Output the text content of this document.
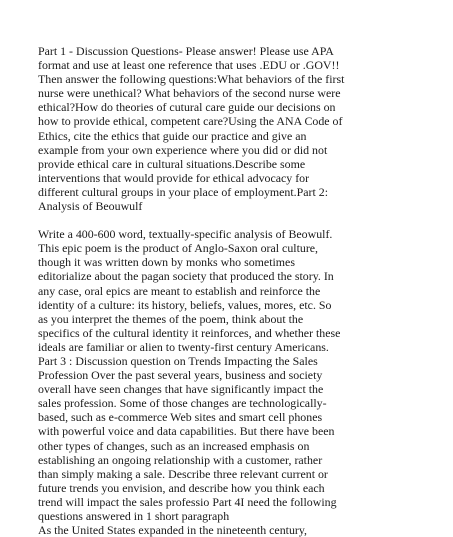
Part 1 - Discussion Questions- Please answer! Please use APA
format and use at least one reference that uses .EDU or .GOV!!
Then answer the following questions:What behaviors of the first
nurse were unethical? What behaviors of the second nurse were
ethical?How do theories of cutural care guide our decisions on
how to provide ethical, competent care?Using the ANA Code of
Ethics, cite the ethics that guide our practice and give an
example from your own experience where you did or did not
provide ethical care in cultural situations.Describe some
interventions that would provide for ethical advocacy for
different cultural groups in your place of employment.Part 2:
Analysis of Beouwulf
Write a 400-600 word, textually-specific analysis of Beowulf.
This epic poem is the product of Anglo-Saxon oral culture,
though it was written down by monks who sometimes
editorialize about the pagan society that produced the story. In
any case, oral epics are meant to establish and reinforce the
identity of a culture: its history, beliefs, values, mores, etc. So
as you interpret the themes of the poem, think about the
specifics of the cultural identity it reinforces, and whether these
ideals are familiar or alien to twenty-first century Americans.
Part 3 : Discussion question on Trends Impacting the Sales
Profession Over the past several years, business and society
overall have seen changes that have significantly impact the
sales profession. Some of those changes are technologically-
based, such as e-commerce Web sites and smart cell phones
with powerful voice and data capabilities. But there have been
other types of changes, such as an increased emphasis on
establishing an ongoing relationship with a customer, rather
than simply making a sale. Describe three relevant current or
future trends you envision, and describe how you think each
trend will impact the sales professio Part 4I need the following
questions answered in 1 short paragraph
As the United States expanded in the nineteenth century,
